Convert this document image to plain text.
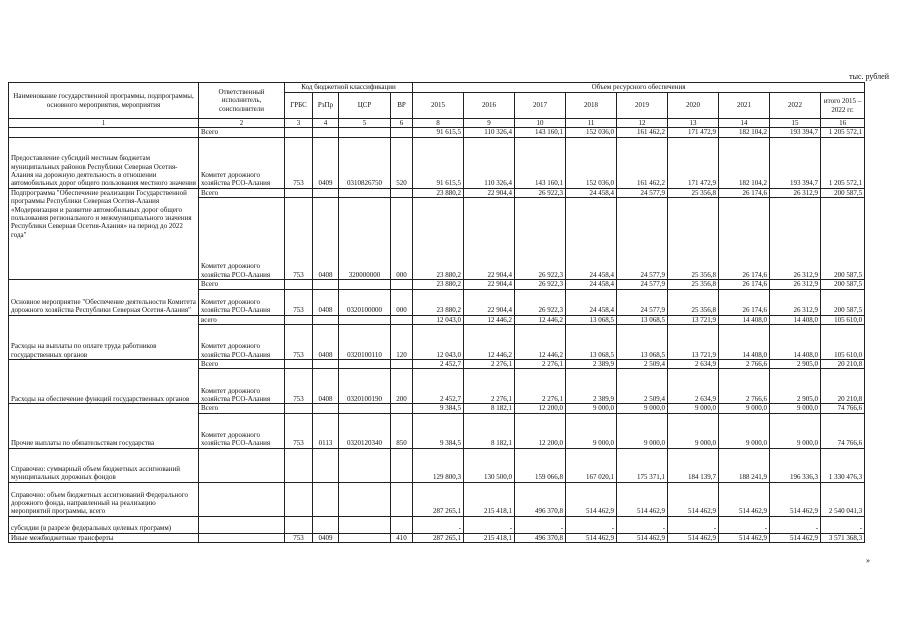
тыс. рублей
Наименование государственной программы, подпрограммы, основного мероприятия, мероприятия	Ответственный исполнитель, соисполнители	Код бюджетной классификации				Объем ресурсного обеспечения								
		ГРБС	РзПр	ЦСР	ВР	2015	2016	2017	2018	2019	2020	2021	2022	итого 2015 – 2022 гг.
1	2	3	4	5	6	8	9	10	11	12	13	14	15	16
	Всего					91 615,5	110 326,4	143 160,1	152 036,0	161 462,2	171 472,9	182 104,2	193 394,7	1 205 572,1
Предоставление субсидий местным бюджетам муниципальных районов Республики Северная Осетия-Алания на дорожную деятельность в отношении автомобильных дорог общего пользования местного значения	Комитет дорожного хозяйства РСО-Алания	753	0409	0310826750	520	91 615,5	110 326,4	143 160,1	152 036,0	161 462,2	171 472,9	182 104,2	193 394,7	1 205 572,1
Подпрограмма "Обеспечение реализации Государственной программы Республики Северная Осетия-Алания «Модернизация и развитие автомобильных дорог общего пользования регионального и межмуниципального значения Республики Северная Осетия-Алания» на период до 2022 года"	Всего					23 880,2	22 904,4	26 922,3	24 458,4	24 577,9	25 356,8	26 174,6	26 312,9	200 587,5
	Комитет дорожного хозяйства РСО-Алания	753	0408	320000000	000	23 880,2	22 904,4	26 922,3	24 458,4	24 577,9	25 356,8	26 174,6	26 312,9	200 587,5
Основное мероприятие "Обеспечение деятельности Комитета дорожного хозяйства Республики Северная Осетия-Алания"	Всего					23 880,2	22 904,4	26 922,3	24 458,4	24 577,9	25 356,8	26 174,6	26 312,9	200 587,5
	Комитет дорожного хозяйства РСО-Алания	753	0408	0320100000	000	23 880,2	22 904,4	26 922,3	24 458,4	24 577,9	25 356,8	26 174,6	26 312,9	200 587,5
Расходы на выплаты по оплате труда работников государственных органов	всего					12 043,0	12 446,2	12 446,2	13 068,5	13 068,5	13 721,9	14 408,0	14 408,0	105 610,0
	Комитет дорожного хозяйства РСО-Алания	753	0408	0320100110	120	12 043,0	12 446,2	12 446,2	13 068,5	13 068,5	13 721,9	14 408,0	14 408,0	105 610,0
Расходы на обеспечение функций государственных органов	Всего					2 452,7	2 276,1	2 276,1	2 389,9	2 509,4	2 634,9	2 766,6	2 905,0	20 210,8
	Комитет дорожного хозяйства РСО-Алания	753	0408	0320100190	200	2 452,7	2 276,1	2 276,1	2 389,9	2 509,4	2 634,9	2 766,6	2 905,0	20 210,8
Прочие выплаты по обязательствам государства	Всего					9 384,5	8 182,1	12 200,0	9 000,0	9 000,0	9 000,0	9 000,0	9 000,0	74 766,6
	Комитет дорожного хозяйства РСО-Алания	753	0113	0320120340	850	9 384,5	8 182,1	12 200,0	9 000,0	9 000,0	9 000,0	9 000,0	9 000,0	74 766,6
Справочно: суммарный объем бюджетных ассигнований муниципальных дорожных фондов						129 800,3	130 500,0	159 066,8	167 020,1	175 371,1	184 139,7	188 241,9	196 336,3	1 330 476,3
Справочно: объем бюджетных ассигнований Федерального дорожного фонда, направленный на реализацию мероприятий программы, всего						287 265,1	215 418,1	496 370,8	514 462,9	514 462,9	514 462,9	514 462,9	514 462,9	2 540 041,3
субсидии (в разрезе федеральных целевых программ)						-	-	-	-	-	-	-	-	-
Иные межбюджетные трансферты		753	0409		410	287 265,1	215 418,1	496 370,8	514 462,9	514 462,9	514 462,9	514 462,9	514 462,9	3 571 368,3
»
